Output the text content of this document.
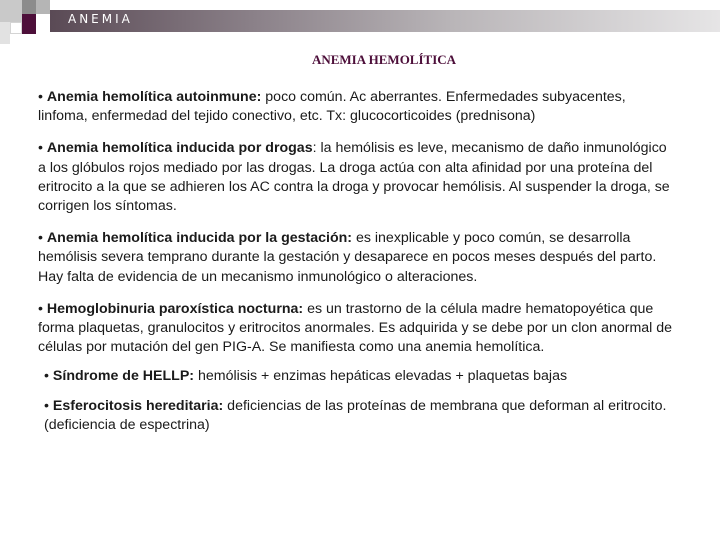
ANEMIA
ANEMIA HEMOLÍTICA
• Anemia hemolítica autoinmune: poco común. Ac aberrantes. Enfermedades subyacentes, linfoma, enfermedad del tejido conectivo, etc. Tx: glucocorticoides (prednisona)
• Anemia hemolítica inducida por drogas: la hemólisis es leve, mecanismo de daño inmunológico a los glóbulos rojos mediado por las drogas. La droga actúa con alta afinidad por una proteína del eritrocito a la que se adhieren los AC contra la droga y provocar hemólisis. Al suspender la droga, se corrigen los síntomas.
• Anemia hemolítica inducida por la gestación: es inexplicable y poco común, se desarrolla hemólisis severa temprano durante la gestación y desaparece en pocos meses después del parto. Hay falta de evidencia de un mecanismo inmunológico o alteraciones.
• Hemoglobinuria paroxística nocturna: es un trastorno de la célula madre hematopoyética que forma plaquetas, granulocitos y eritrocitos anormales. Es adquirida y se debe por un clon anormal de células por mutación del gen PIG-A. Se manifiesta como una anemia hemolítica.
• Síndrome de HELLP: hemólisis + enzimas hepáticas elevadas + plaquetas bajas
• Esferocitosis hereditaria: deficiencias de las proteínas de membrana que deforman al eritrocito. (deficiencia de espectrina)
